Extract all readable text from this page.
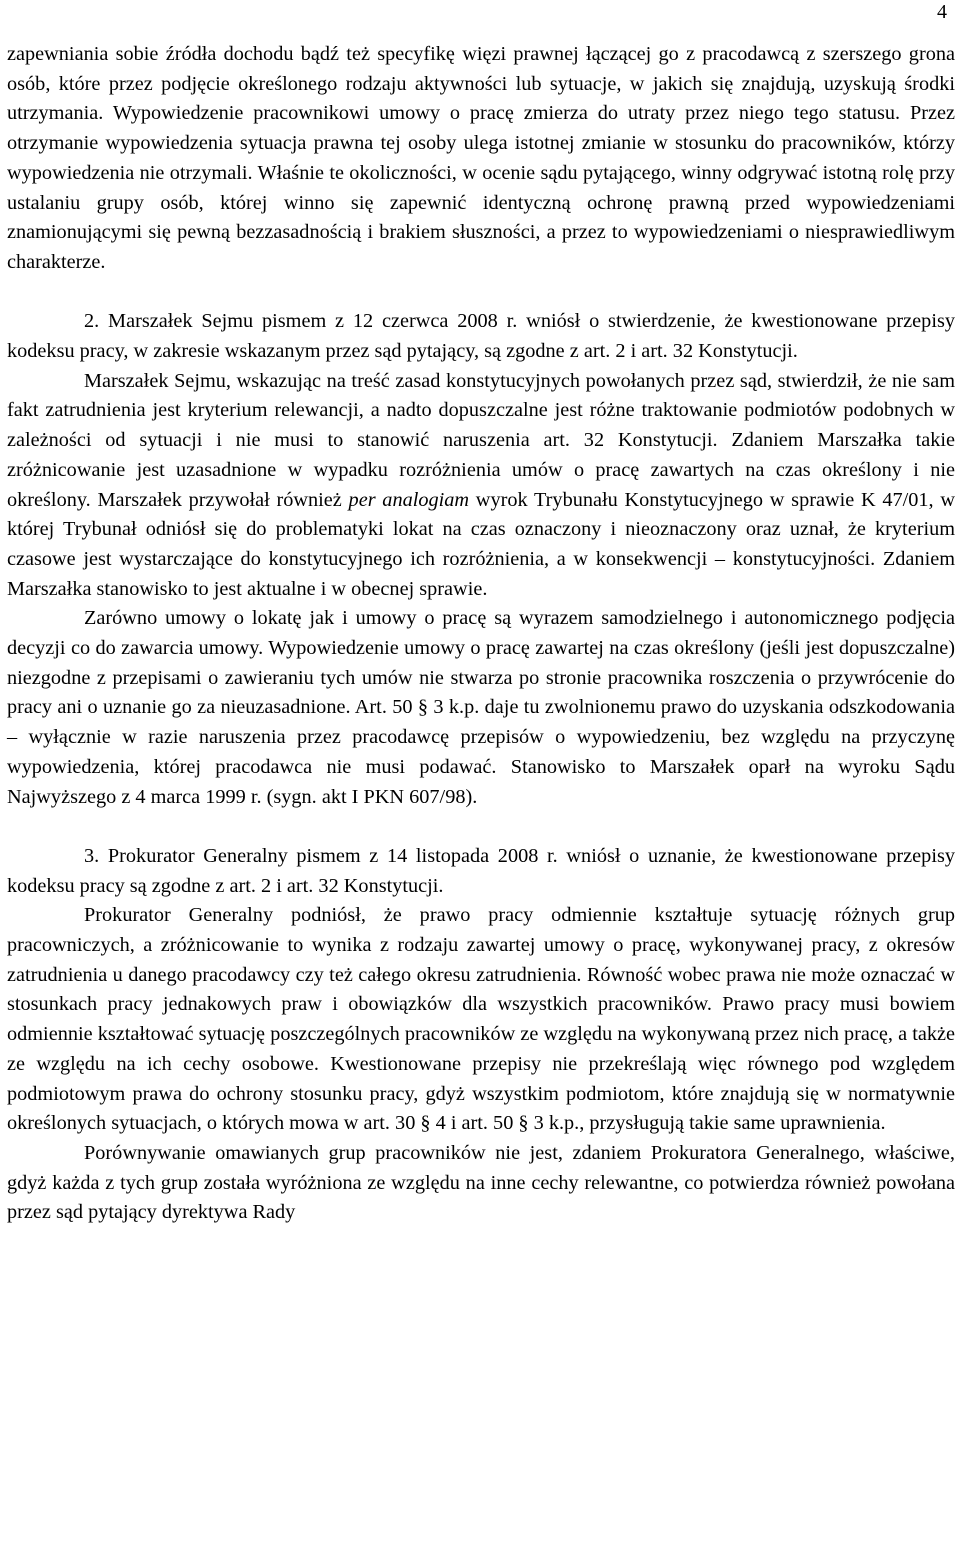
4

zapewniania sobie źródła dochodu bądź też specyfikę więzi prawnej łączącej go z pracodawcą z szerszego grona osób, które przez podjęcie określonego rodzaju aktywności lub sytuacje, w jakich się znajdują, uzyskują środki utrzymania. Wypowiedzenie pracownikowi umowy o pracę zmierza do utraty przez niego tego statusu. Przez otrzymanie wypowiedzenia sytuacja prawna tej osoby ulega istotnej zmianie w stosunku do pracowników, którzy wypowiedzenia nie otrzymali. Właśnie te okoliczności, w ocenie sądu pytającego, winny odgrywać istotną rolę przy ustalaniu grupy osób, której winno się zapewnić identyczną ochronę prawną przed wypowiedzeniami znamionującymi się pewną bezzasadnością i brakiem słuszności, a przez to wypowiedzeniami o niesprawiedliwym charakterze.

2. Marszałek Sejmu pismem z 12 czerwca 2008 r. wniósł o stwierdzenie, że kwestionowane przepisy kodeksu pracy, w zakresie wskazanym przez sąd pytający, są zgodne z art. 2 i art. 32 Konstytucji.

Marszałek Sejmu, wskazując na treść zasad konstytucyjnych powołanych przez sąd, stwierdził, że nie sam fakt zatrudnienia jest kryterium relewancji, a nadto dopuszczalne jest różne traktowanie podmiotów podobnych w zależności od sytuacji i nie musi to stanowić naruszenia art. 32 Konstytucji. Zdaniem Marszałka takie zróżnicowanie jest uzasadnione w wypadku rozróżnienia umów o pracę zawartych na czas określony i nie określony. Marszałek przywołał również per analogiam wyrok Trybunału Konstytucyjnego w sprawie K 47/01, w której Trybunał odniósł się do problematyki lokat na czas oznaczony i nieoznaczony oraz uznał, że kryterium czasowe jest wystarczające do konstytucyjnego ich rozróżnienia, a w konsekwencji – konstytucyjności. Zdaniem Marszałka stanowisko to jest aktualne i w obecnej sprawie.

Zarówno umowy o lokatę jak i umowy o pracę są wyrazem samodzielnego i autonomicznego podjęcia decyzji co do zawarcia umowy. Wypowiedzenie umowy o pracę zawartej na czas określony (jeśli jest dopuszczalne) niezgodne z przepisami o zawieraniu tych umów nie stwarza po stronie pracownika roszczenia o przywrócenie do pracy ani o uznanie go za nieuzasadnione. Art. 50 § 3 k.p. daje tu zwolnionemu prawo do uzyskania odszkodowania – wyłącznie w razie naruszenia przez pracodawcę przepisów o wypowiedzeniu, bez względu na przyczynę wypowiedzenia, której pracodawca nie musi podawać. Stanowisko to Marszałek oparł na wyroku Sądu Najwyższego z 4 marca 1999 r. (sygn. akt I PKN 607/98).

3. Prokurator Generalny pismem z 14 listopada 2008 r. wniósł o uznanie, że kwestionowane przepisy kodeksu pracy są zgodne z art. 2 i art. 32 Konstytucji.

Prokurator Generalny podniósł, że prawo pracy odmiennie kształtuje sytuację różnych grup pracowniczych, a zróżnicowanie to wynika z rodzaju zawartej umowy o pracę, wykonywanej pracy, z okresów zatrudnienia u danego pracodawcy czy też całego okresu zatrudnienia. Równość wobec prawa nie może oznaczać w stosunkach pracy jednakowych praw i obowiązków dla wszystkich pracowników. Prawo pracy musi bowiem odmiennie kształtować sytuację poszczególnych pracowników ze względu na wykonywaną przez nich pracę, a także ze względu na ich cechy osobowe. Kwestionowane przepisy nie przekreślają więc równego pod względem podmiotowym prawa do ochrony stosunku pracy, gdyż wszystkim podmiotom, które znajdują się w normatywnie określonych sytuacjach, o których mowa w art. 30 § 4 i art. 50 § 3 k.p., przysługują takie same uprawnienia.

Porównywanie omawianych grup pracowników nie jest, zdaniem Prokuratora Generalnego, właściwe, gdyż każda z tych grup została wyróżniona ze względu na inne cechy relewantne, co potwierdza również powołana przez sąd pytający dyrektywa Rady
